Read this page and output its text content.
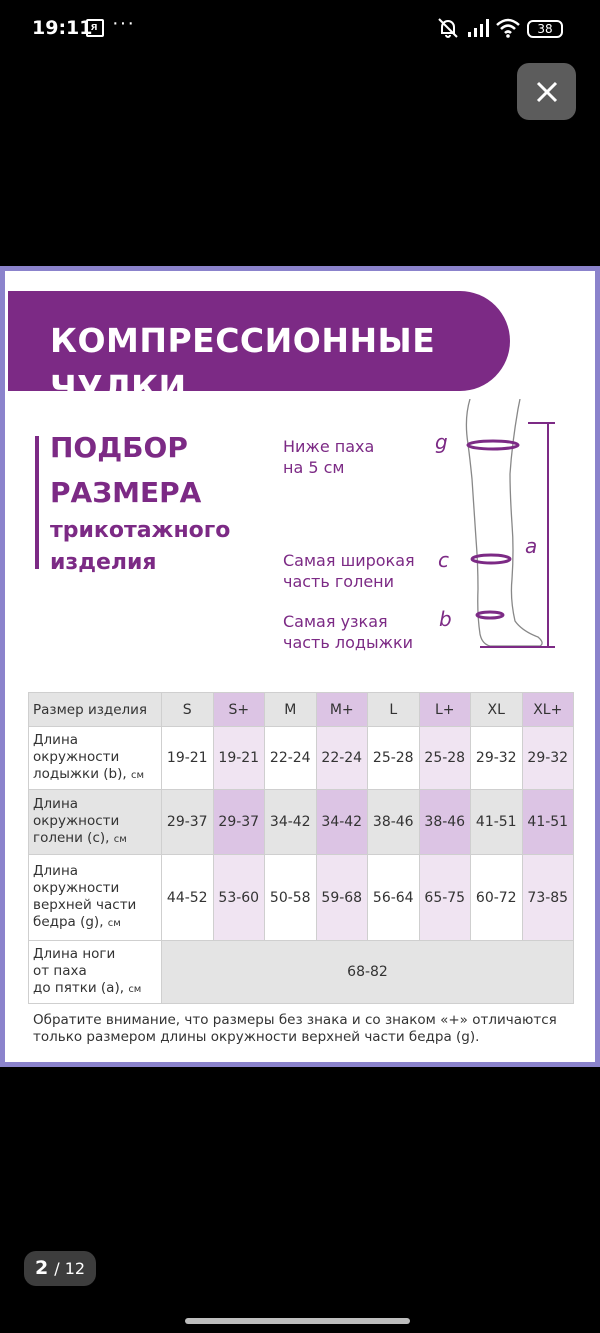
19:11 я ···	38
КОМПРЕССИОННЫЕ
ЧУЛКИ
ПОДБОР
РАЗМЕРА
трикотажного
изделия
Ниже паха
на 5 см
Самая широкая
часть голени
Самая узкая
часть лодыжки
g
c
b
a
Размер изделия	S	S+	M	M+	L	L+	XL	XL+
Длина
окружности
лодыжки (b), см	19-21	19-21	22-24	22-24	25-28	25-28	29-32	29-32
Длина
окружности
голени (c), см	29-37	29-37	34-42	34-42	38-46	38-46	41-51	41-51
Длина
окружности
верхней части
бедра (g), см	44-52	53-60	50-58	59-68	56-64	65-75	60-72	73-85
Длина ноги
от паха
до пятки (a), см	68-82							
Обратите внимание, что размеры без знака и со знаком «+» отличаются только размером длины окружности верхней части бедра (g).
2 / 12
